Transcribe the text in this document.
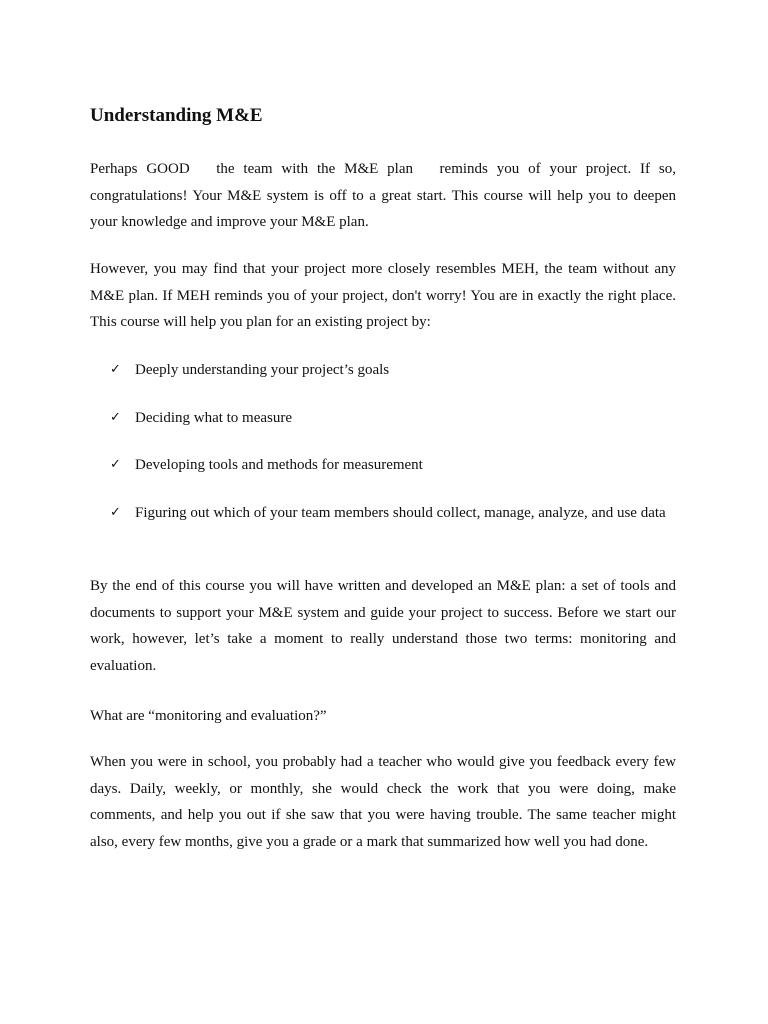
Understanding M&E

Perhaps GOOD   the team with the M&E plan   reminds you of your project. If so, congratulations! Your M&E system is off to a great start. This course will help you to deepen your knowledge and improve your M&E plan.

However, you may find that your project more closely resembles MEH, the team without any M&E plan. If MEH reminds you of your project, don't worry! You are in exactly the right place. This course will help you plan for an existing project by:

✓ Deeply understanding your project’s goals
✓ Deciding what to measure
✓ Developing tools and methods for measurement
✓ Figuring out which of your team members should collect, manage, analyze, and use data

By the end of this course you will have written and developed an M&E plan: a set of tools and documents to support your M&E system and guide your project to success. Before we start our work, however, let’s take a moment to really understand those two terms: monitoring and evaluation.

What are “monitoring and evaluation?”

When you were in school, you probably had a teacher who would give you feedback every few days. Daily, weekly, or monthly, she would check the work that you were doing, make comments, and help you out if she saw that you were having trouble. The same teacher might also, every few months, give you a grade or a mark that summarized how well you had done.
